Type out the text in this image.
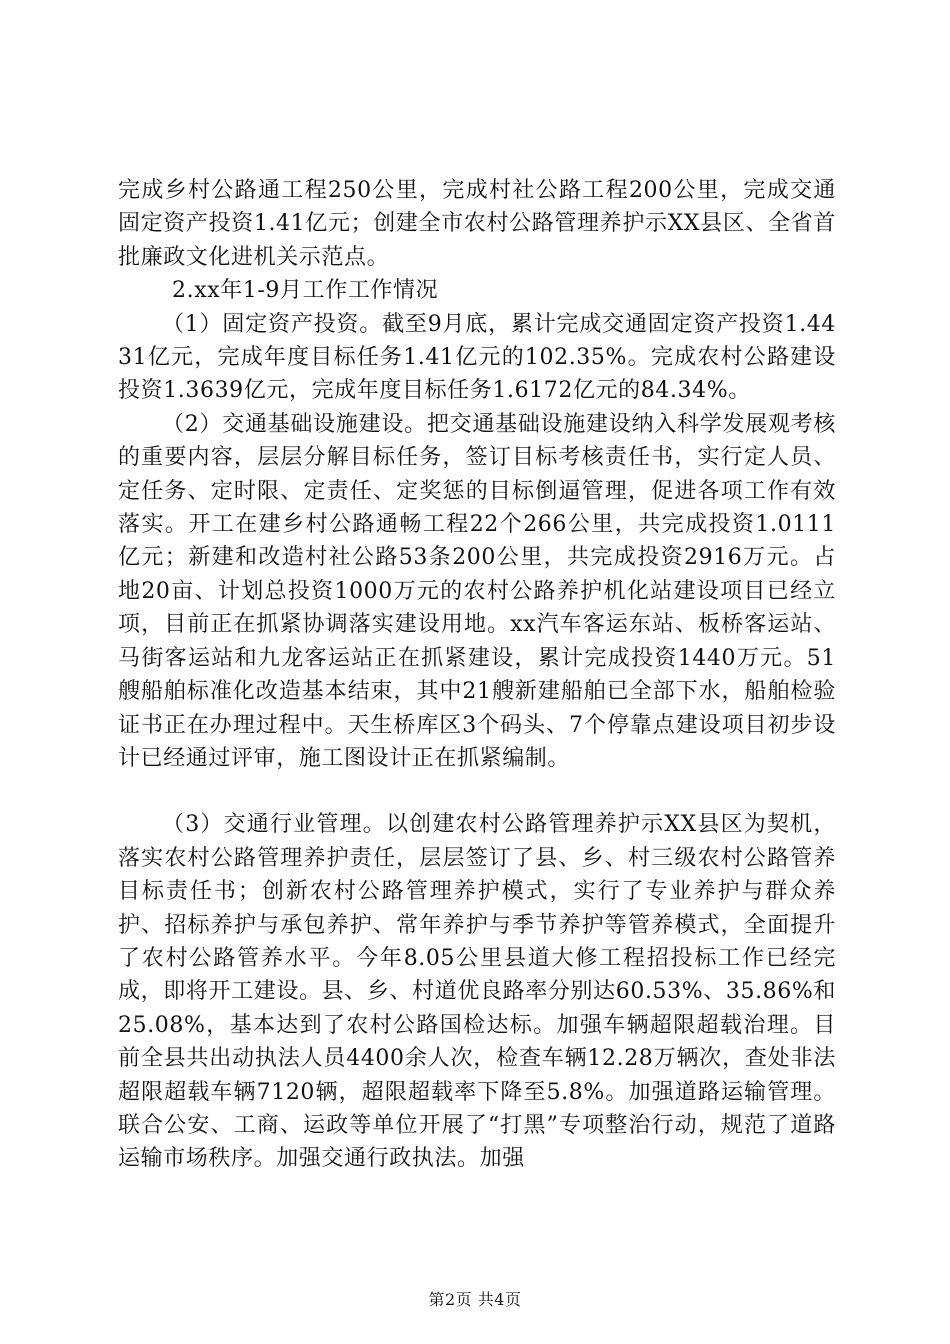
完成乡村公路通工程250公里，完成村社公路工程200公里，完成交通固定资产投资1.41亿元；创建全市农村公路管理养护示XX县区、全省首批廉政文化进机关示范点。

2.xx年1-9月工作工作情况

（1）固定资产投资。截至9月底，累计完成交通固定资产投资1.4431亿元，完成年度目标任务1.41亿元的102.35%。完成农村公路建设投资1.3639亿元，完成年度目标任务1.6172亿元的84.34%。

（2）交通基础设施建设。把交通基础设施建设纳入科学发展观考核的重要内容，层层分解目标任务，签订目标考核责任书，实行定人员、定任务、定时限、定责任、定奖惩的目标倒逼管理，促进各项工作有效落实。开工在建乡村公路通畅工程22个266公里，共完成投资1.0111亿元；新建和改造村社公路53条200公里，共完成投资2916万元。占地20亩、计划总投资1000万元的农村公路养护机化站建设项目已经立项，目前正在抓紧协调落实建设用地。xx汽车客运东站、板桥客运站、马街客运站和九龙客运站正在抓紧建设，累计完成投资1440万元。51艘船舶标准化改造基本结束，其中21艘新建船舶已全部下水，船舶检验证书正在办理过程中。天生桥库区3个码头、7个停靠点建设项目初步设计已经通过评审，施工图设计正在抓紧编制。

（3）交通行业管理。以创建农村公路管理养护示XX县区为契机，落实农村公路管理养护责任，层层签订了县、乡、村三级农村公路管养目标责任书；创新农村公路管理养护模式，实行了专业养护与群众养护、招标养护与承包养护、常年养护与季节养护等管养模式，全面提升了农村公路管养水平。今年8.05公里县道大修工程招投标工作已经完成，即将开工建设。县、乡、村道优良路率分别达60.53%、35.86%和25.08%，基本达到了农村公路国检达标。加强车辆超限超载治理。目前全县共出动执法人员4400余人次，检查车辆12.28万辆次，查处非法超限超载车辆7120辆，超限超载率下降至5.8%。加强道路运输管理。联合公安、工商、运政等单位开展了“打黑”专项整治行动，规范了道路运输市场秩序。加强交通行政执法。加强

第2页 共4页
